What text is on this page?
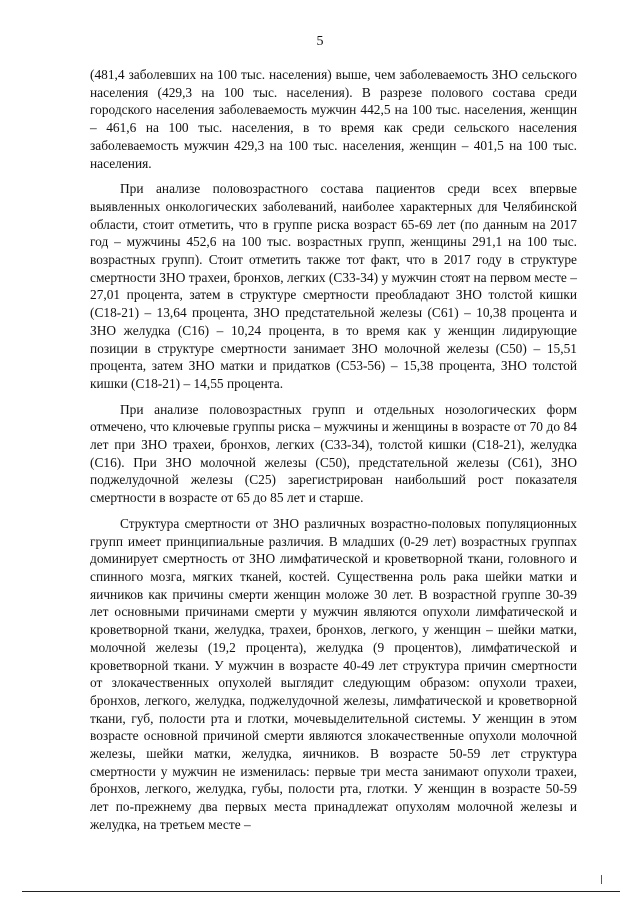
5

(481,4 заболевших на 100 тыс. населения) выше, чем заболеваемость ЗНО сельского населения (429,3 на 100 тыс. населения). В разрезе полового состава среди городского населения заболеваемость мужчин 442,5 на 100 тыс. населения, женщин – 461,6 на 100 тыс. населения, в то время как среди сельского населения заболеваемость мужчин 429,3 на 100 тыс. населения, женщин – 401,5 на 100 тыс. населения.

При анализе половозрастного состава пациентов среди всех впервые выявленных онкологических заболеваний, наиболее характерных для Челябинской области, стоит отметить, что в группе риска возраст 65-69 лет (по данным на 2017 год – мужчины 452,6 на 100 тыс. возрастных групп, женщины 291,1 на 100 тыс. возрастных групп). Стоит отметить также тот факт, что в 2017 году в структуре смертности ЗНО трахеи, бронхов, легких (С33-34) у мужчин стоят на первом месте – 27,01 процента, затем в структуре смертности преобладают ЗНО толстой кишки (С18-21) – 13,64 процента, ЗНО предстательной железы (С61) – 10,38 процента и ЗНО желудка (С16) – 10,24 процента, в то время как у женщин лидирующие позиции в структуре смертности занимает ЗНО молочной железы (С50) – 15,51 процента, затем ЗНО матки и придатков (С53-56) – 15,38 процента, ЗНО толстой кишки (С18-21) – 14,55 процента.

При анализе половозрастных групп и отдельных нозологических форм отмечено, что ключевые группы риска – мужчины и женщины в возрасте от 70 до 84 лет при ЗНО трахеи, бронхов, легких (С33-34), толстой кишки (С18-21), желудка (С16). При ЗНО молочной железы (С50), предстательной железы (С61), ЗНО поджелудочной железы (С25) зарегистрирован наибольший рост показателя смертности в возрасте от 65 до 85 лет и старше.

Структура смертности от ЗНО различных возрастно-половых популяционных групп имеет принципиальные различия. В младших (0-29 лет) возрастных группах доминирует смертность от ЗНО лимфатической и кроветворной ткани, головного и спинного мозга, мягких тканей, костей. Существенна роль рака шейки матки и яичников как причины смерти женщин моложе 30 лет. В возрастной группе 30-39 лет основными причинами смерти у мужчин являются опухоли лимфатической и кроветворной ткани, желудка, трахеи, бронхов, легкого, у женщин – шейки матки, молочной железы (19,2 процента), желудка (9 процентов), лимфатической и кроветворной ткани. У мужчин в возрасте 40-49 лет структура причин смертности от злокачественных опухолей выглядит следующим образом: опухоли трахеи, бронхов, легкого, желудка, поджелудочной железы, лимфатической и кроветворной ткани, губ, полости рта и глотки, мочевыделительной системы. У женщин в этом возрасте основной причиной смерти являются злокачественные опухоли молочной железы, шейки матки, желудка, яичников. В возрасте 50-59 лет структура смертности у мужчин не изменилась: первые три места занимают опухоли трахеи, бронхов, легкого, желудка, губы, полости рта, глотки. У женщин в возрасте 50-59 лет по-прежнему два первых места принадлежат опухолям молочной железы и желудка, на третьем месте –
